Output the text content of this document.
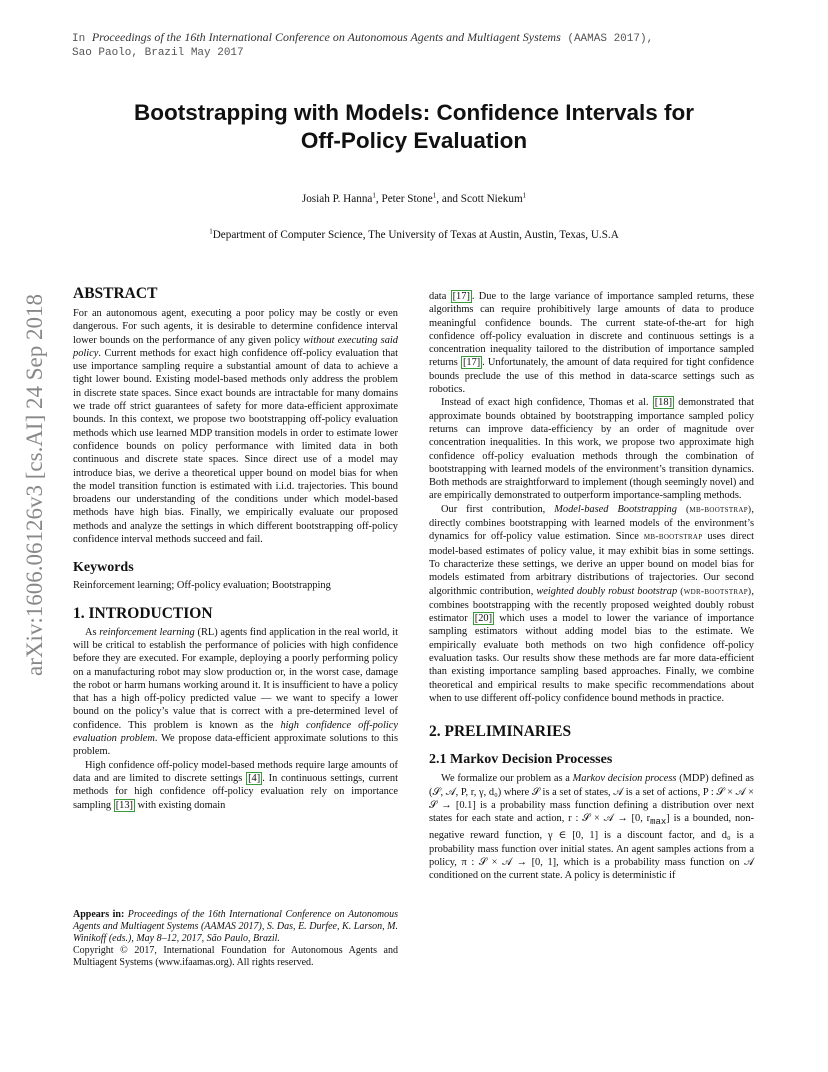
In Proceedings of the 16th International Conference on Autonomous Agents and Multiagent Systems (AAMAS 2017),
Sao Paolo, Brazil May 2017
Bootstrapping with Models: Confidence Intervals for
Off-Policy Evaluation
Josiah P. Hanna$^1$, Peter Stone$^1$, and Scott Niekum$^1$
$^1$Department of Computer Science, The University of Texas at Austin, Austin, Texas, U.S.A
arXiv:1606.06126v3 [cs.AI] 24 Sep 2018
ABSTRACT

For an autonomous agent, executing a poor policy may be costly or even dangerous. For such agents, it is desirable to determine confidence interval lower bounds on the performance of any given policy without executing said policy. Current methods for exact high confidence off-policy evaluation that use importance sampling require a substantial amount of data to achieve a tight lower bound. Existing model-based methods only address the problem in discrete state spaces. Since exact bounds are intractable for many domains we trade off strict guarantees of safety for more data-efficient approximate bounds. In this context, we propose two bootstrapping off-policy evaluation methods which use learned MDP transition models in order to estimate lower confidence bounds on policy performance with limited data in both continuous and discrete state spaces. Since direct use of a model may introduce bias, we derive a theoretical upper bound on model bias for when the model transition function is estimated with i.i.d. trajectories. This bound broadens our understanding of the conditions under which model-based methods have high bias. Finally, we empirically evaluate our proposed methods and analyze the settings in which different bootstrapping off-policy confidence interval methods succeed and fail.

Keywords

Reinforcement learning; Off-policy evaluation; Bootstrapping

1. INTRODUCTION

As reinforcement learning (RL) agents find application in the real world, it will be critical to establish the performance of policies with high confidence before they are executed. For example, deploying a poorly performing policy on a manufacturing robot may slow production or, in the worst case, damage the robot or harm humans working around it. It is insufficient to have a policy that has a high off-policy predicted value — we want to specify a lower bound on the policy’s value that is correct with a pre-determined level of confidence. This problem is known as the high confidence off-policy evaluation problem. We propose data-efficient approximate solutions to this problem.

High confidence off-policy model-based methods require large amounts of data and are limited to discrete settings [4] . In continuous settings, current methods for high confidence off-policy evaluation rely on importance sampling [13] with existing domain

Appears in: Proceedings of the 16th International Conference on Autonomous Agents and Multiagent Systems (AAMAS 2017), S. Das, E. Durfee, K. Larson, M. Winikoff (eds.), May 8–12, 2017, São Paulo, Brazil.
Copyright © 2017, International Foundation for Autonomous Agents and Multiagent Systems (www.ifaamas.org). All rights reserved.

data [17] . Due to the large variance of importance sampled returns, these algorithms can require prohibitively large amounts of data to produce meaningful confidence bounds. The current state-of-the-art for high confidence off-policy evaluation in discrete and continuous settings is a concentration inequality tailored to the distribution of importance sampled returns [17] . Unfortunately, the amount of data required for tight confidence bounds preclude the use of this method in data-scarce settings such as robotics.

Instead of exact high confidence, Thomas et al. [18] demonstrated that approximate bounds obtained by bootstrapping importance sampled policy returns can improve data-efficiency by an order of magnitude over concentration inequalities. In this work, we propose two approximate high confidence off-policy evaluation methods through the combination of bootstrapping with learned models of the environment’s transition dynamics. Both methods are straightforward to implement (though seemingly novel) and are empirically demonstrated to outperform importance-sampling methods.

Our first contribution, Model-based Bootstrapping (mb-bootstrap), directly combines bootstrapping with learned models of the environment’s dynamics for off-policy value estimation. Since mb-bootstrap uses direct model-based estimates of policy value, it may exhibit bias in some settings. To characterize these settings, we derive an upper bound on model bias for models estimated from arbitrary distributions of trajectories. Our second algorithmic contribution, weighted doubly robust bootstrap (wdr-bootstrap), combines bootstrapping with the recently proposed weighted doubly robust estimator [20] which uses a model to lower the variance of importance sampling estimators without adding model bias to the estimate. We empirically evaluate both methods on two high confidence off-policy evaluation tasks. Our results show these methods are far more data-efficient than existing importance sampling based approaches. Finally, we combine theoretical and empirical results to make specific recommendations about when to use different off-policy confidence bound methods in practice.

2. PRELIMINARIES
2.1 Markov Decision Processes

We formalize our problem as a Markov decision process (MDP) defined as (𝒮, 𝒜, P, r, γ, d₀) where 𝒮 is a set of states, 𝒜 is a set of actions, P : 𝒮 × 𝒜 × 𝒮 → [0.1] is a probability mass function defining a distribution over next states for each state and action, r : 𝒮 × 𝒜 → [0, $r_{max}$] is a bounded, non-negative reward function, γ ∈ [0, 1] is a discount factor, and d₀ is a probability mass function over initial states. An agent samples actions from a policy, π : 𝒮 × 𝒜 → [0, 1], which is a probability mass function on 𝒜 conditioned on the current state. A policy is deterministic if
